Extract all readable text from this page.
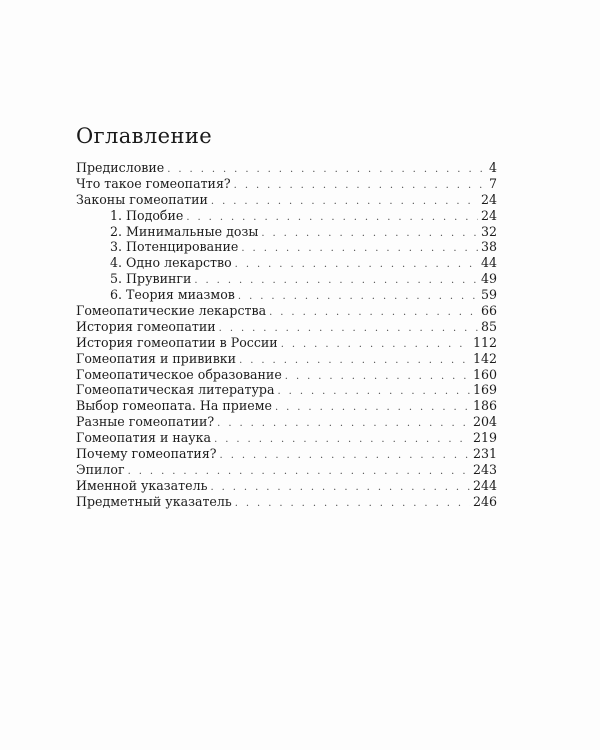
Оглавление
Предисловие . . .	4
Что такое гомеопатия? . . .	7
Законы гомеопатии . . .	24
1. Подобие . . .	24
2. Минимальные дозы . . .	32
3. Потенцирование . . .	38
4. Одно лекарство . . .	44
5. Прувинги . . .	49
6. Теория миазмов . . .	59
Гомеопатические лекарства . . .	66
История гомеопатии . . .	85
История гомеопатии в России . . .	112
Гомеопатия и прививки . . .	142
Гомеопатическое образование . . .	160
Гомеопатическая литература . . .	169
Выбор гомеопата. На приеме . . .	186
Разные гомеопатии? . . .	204
Гомеопатия и наука . . .	219
Почему гомеопатия? . . .	231
Эпилог . . .	243
Именной указатель . . .	244
Предметный указатель . . .	246
